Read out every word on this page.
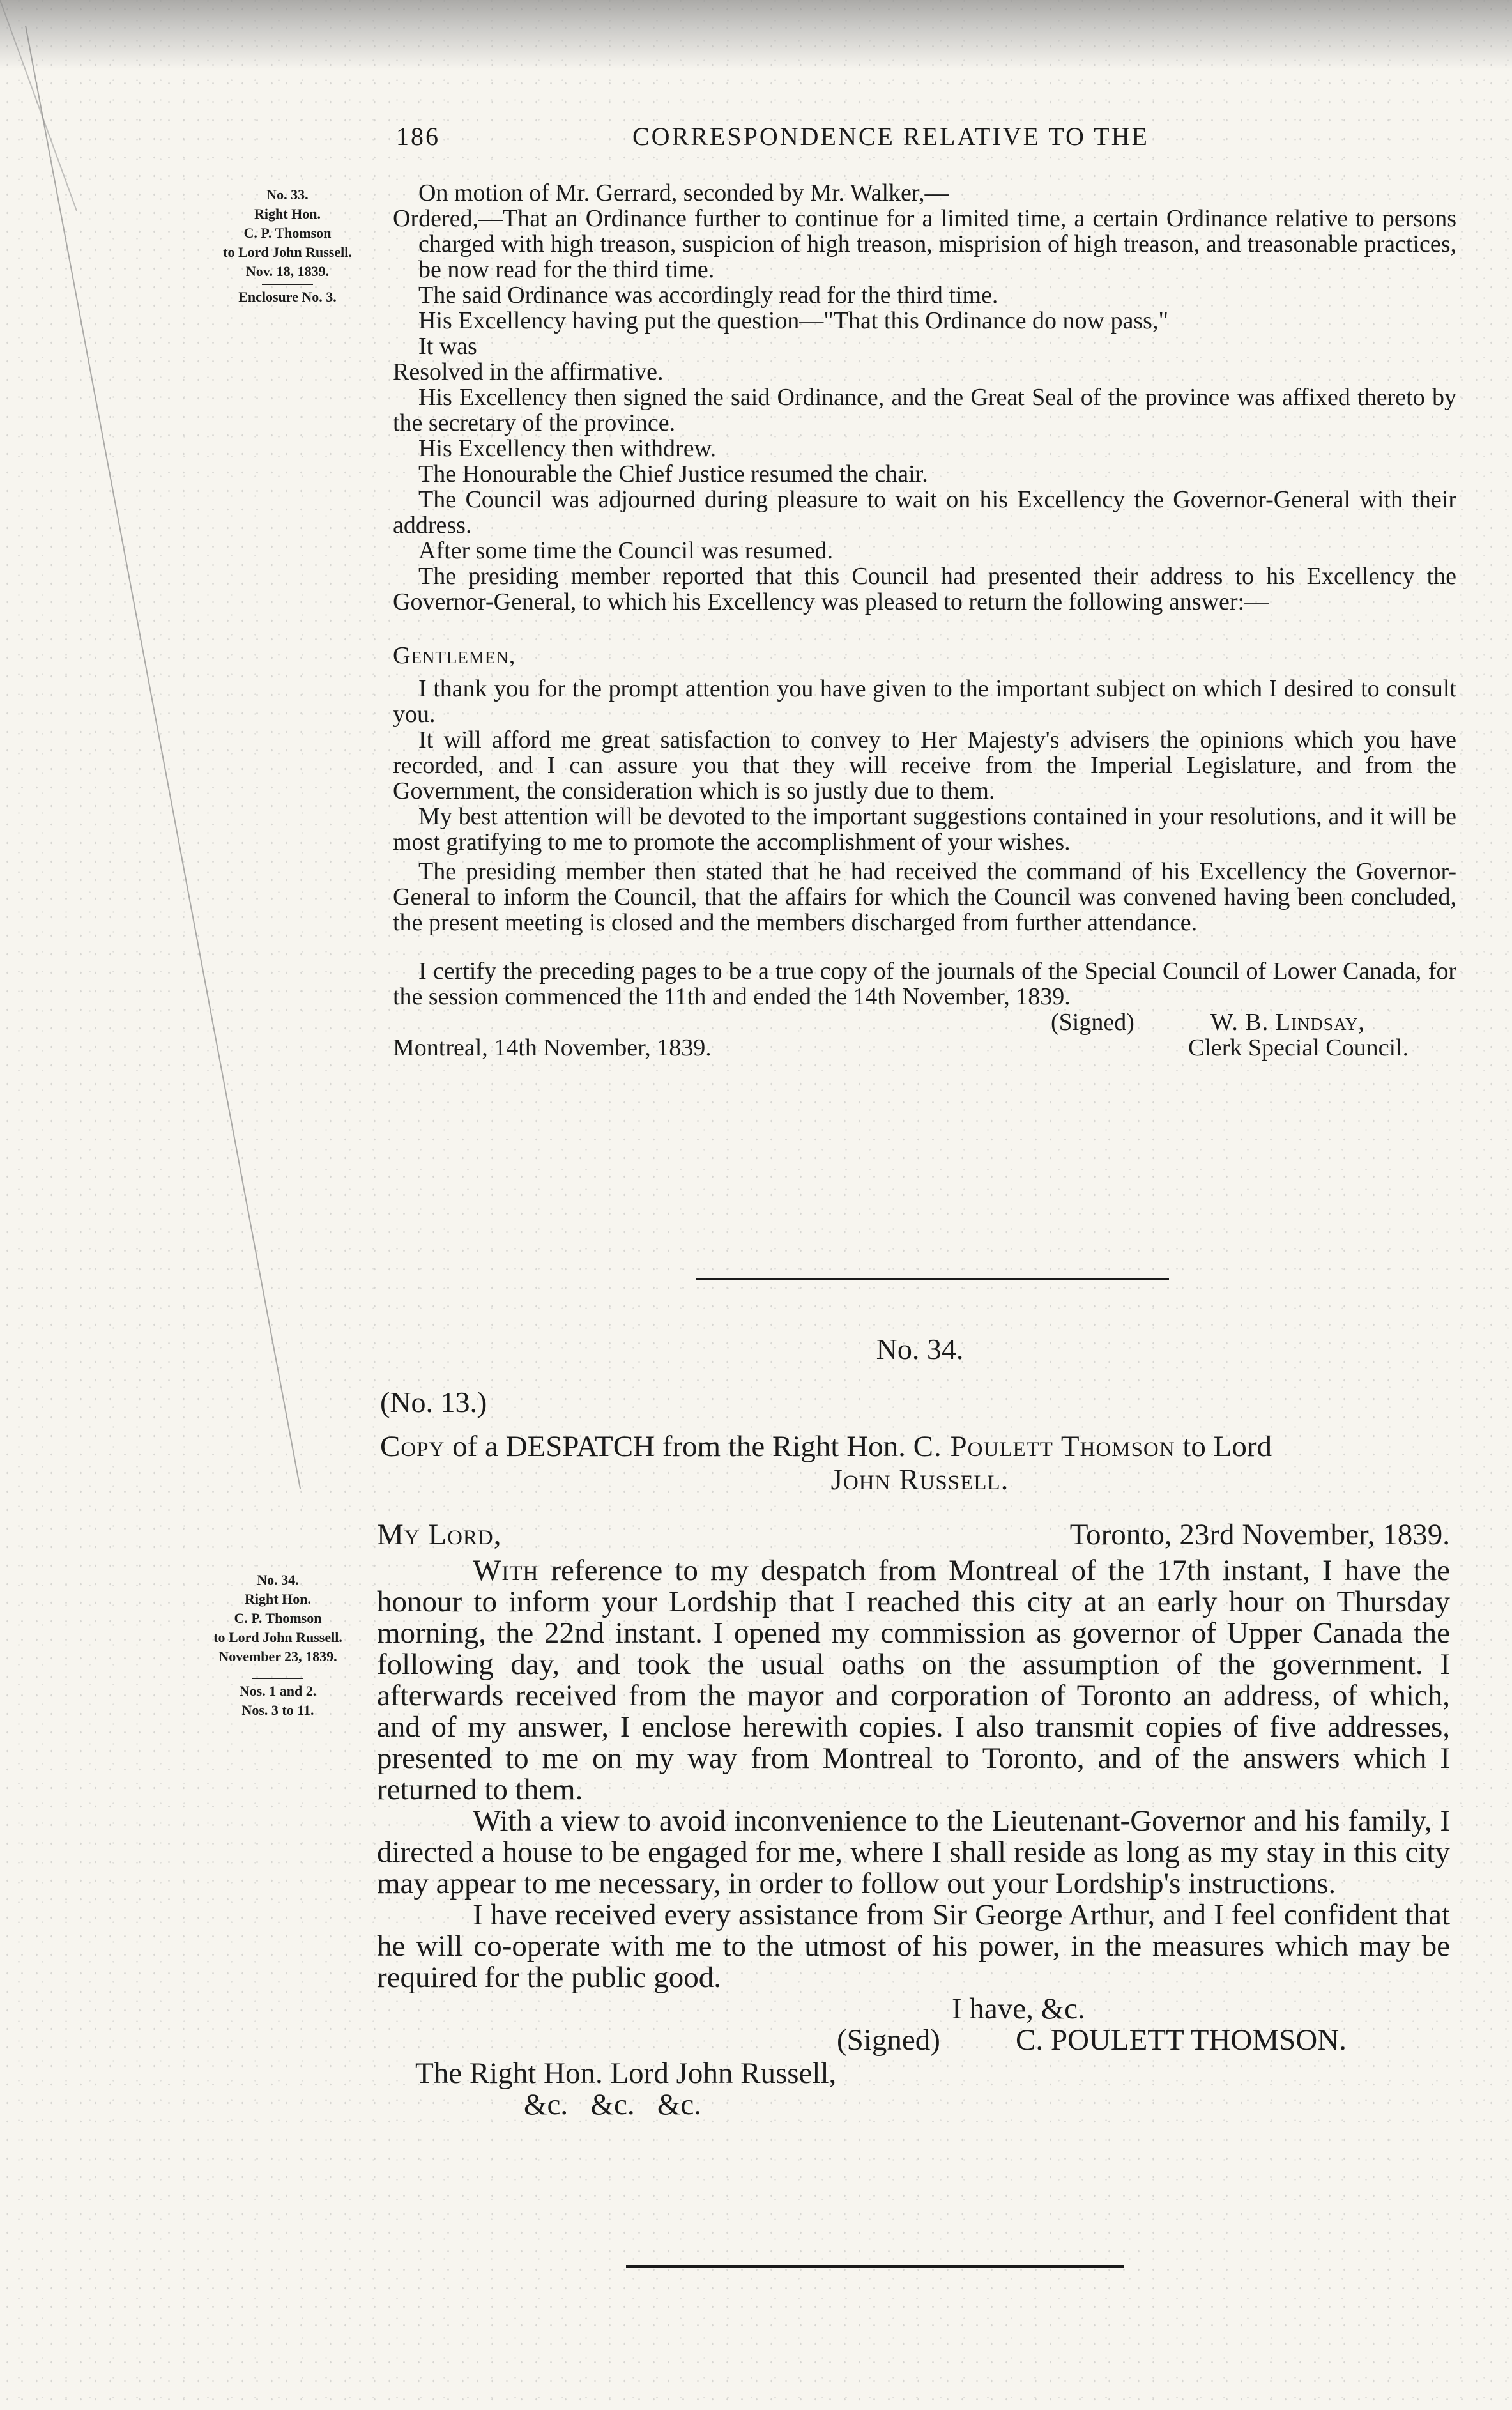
186	CORRESPONDENCE RELATIVE TO THE
No. 33.
Right Hon.
C. P. Thomson
to Lord John Russell.
Nov. 18, 1839.
Enclosure No. 3.

On motion of Mr. Gerrard, seconded by Mr. Walker,—

Ordered,—That an Ordinance further to continue for a limited time, a certain Ordinance relative to persons charged with high treason, suspicion of high treason, misprision of high treason, and treasonable practices, be now read for the third time.

The said Ordinance was accordingly read for the third time.

His Excellency having put the question—"That this Ordinance do now pass,"

It was

Resolved in the affirmative.

His Excellency then signed the said Ordinance, and the Great Seal of the province was affixed thereto by the secretary of the province.

His Excellency then withdrew.

The Honourable the Chief Justice resumed the chair.

The Council was adjourned during pleasure to wait on his Excellency the Governor-General with their address.

After some time the Council was resumed.

The presiding member reported that this Council had presented their address to his Excellency the Governor-General, to which his Excellency was pleased to return the following answer:—

Gentlemen,

I thank you for the prompt attention you have given to the important subject on which I desired to consult you.

It will afford me great satisfaction to convey to Her Majesty's advisers the opinions which you have recorded, and I can assure you that they will receive from the Imperial Legislature, and from the Government, the consideration which is so justly due to them.

My best attention will be devoted to the important suggestions contained in your resolutions, and it will be most gratifying to me to promote the accomplishment of your wishes.

The presiding member then stated that he had received the command of his Excellency the Governor-General to inform the Council, that the affairs for which the Council was convened having been concluded, the present meeting is closed and the members discharged from further attendance.

I certify the preceding pages to be a true copy of the journals of the Special Council of Lower Canada, for the session commenced the 11th and ended the 14th November, 1839.

(Signed)	W. B. Lindsay,
Montreal, 14th November, 1839.	Clerk Special Council.
No. 34.
(No. 13.)
Copy of a DESPATCH from the Right Hon. C. Poulett Thomson to Lord
John Russell.
No. 34.
Right Hon.
C. P. Thomson
to Lord John Russell.
November 23, 1839.
Nos. 1 and 2.
Nos. 3 to 11.
My Lord,	Toronto, 23rd November, 1839.

With reference to my despatch from Montreal of the 17th instant, I have the honour to inform your Lordship that I reached this city at an early hour on Thursday morning, the 22nd instant. I opened my commission as governor of Upper Canada the following day, and took the usual oaths on the assumption of the government. I afterwards received from the mayor and corporation of Toronto an address, of which, and of my answer, I enclose herewith copies. I also transmit copies of five addresses, presented to me on my way from Montreal to Toronto, and of the answers which I returned to them.

With a view to avoid inconvenience to the Lieutenant-Governor and his family, I directed a house to be engaged for me, where I shall reside as long as my stay in this city may appear to me necessary, in order to follow out your Lordship's instructions.

I have received every assistance from Sir George Arthur, and I feel confident that he will co-operate with me to the utmost of his power, in the measures which may be required for the public good.

I have, &c.
(Signed)	C. POULETT THOMSON.
The Right Hon. Lord John Russell,
&c.   &c.   &c.
